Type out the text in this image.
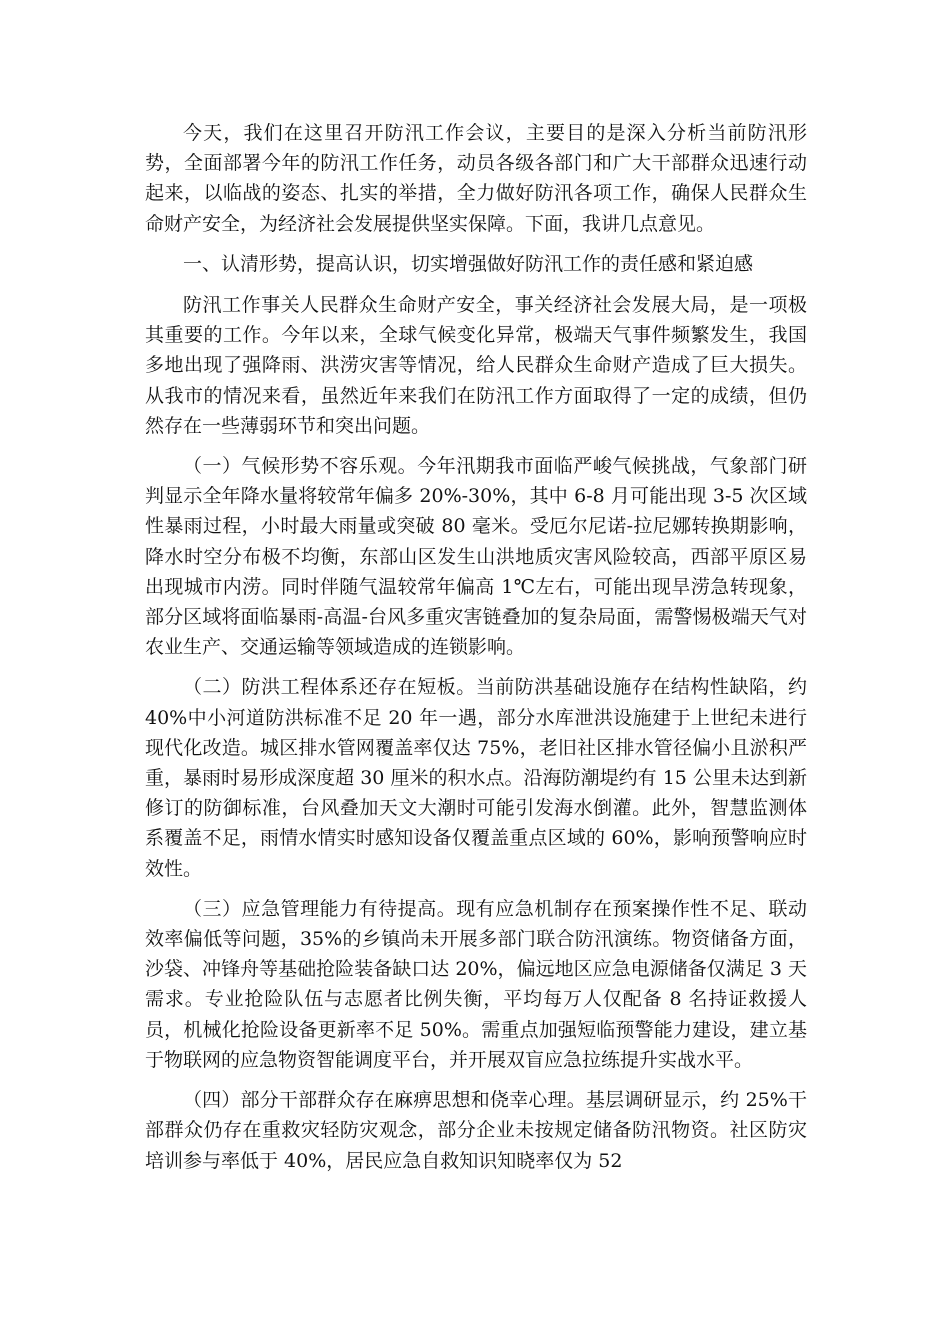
今天，我们在这里召开防汛工作会议，主要目的是深入分析当前防汛形势，全面部署今年的防汛工作任务，动员各级各部门和广大干部群众迅速行动起来，以临战的姿态、扎实的举措，全力做好防汛各项工作，确保人民群众生命财产安全，为经济社会发展提供坚实保障。下面，我讲几点意见。

一、认清形势，提高认识，切实增强做好防汛工作的责任感和紧迫感

防汛工作事关人民群众生命财产安全，事关经济社会发展大局，是一项极其重要的工作。今年以来，全球气候变化异常，极端天气事件频繁发生，我国多地出现了强降雨、洪涝灾害等情况，给人民群众生命财产造成了巨大损失。从我市的情况来看，虽然近年来我们在防汛工作方面取得了一定的成绩，但仍然存在一些薄弱环节和突出问题。

（一）气候形势不容乐观。今年汛期我市面临严峻气候挑战，气象部门研判显示全年降水量将较常年偏多 20%-30%，其中 6-8 月可能出现 3-5 次区域性暴雨过程，小时最大雨量或突破 80 毫米。受厄尔尼诺-拉尼娜转换期影响，降水时空分布极不均衡，东部山区发生山洪地质灾害风险较高，西部平原区易出现城市内涝。同时伴随气温较常年偏高 1℃左右，可能出现旱涝急转现象，部分区域将面临暴雨-高温-台风多重灾害链叠加的复杂局面，需警惕极端天气对农业生产、交通运输等领域造成的连锁影响。

（二）防洪工程体系还存在短板。当前防洪基础设施存在结构性缺陷，约 40%中小河道防洪标准不足 20 年一遇，部分水库泄洪设施建于上世纪未进行现代化改造。城区排水管网覆盖率仅达 75%，老旧社区排水管径偏小且淤积严重，暴雨时易形成深度超 30 厘米的积水点。沿海防潮堤约有 15 公里未达到新修订的防御标准，台风叠加天文大潮时可能引发海水倒灌。此外，智慧监测体系覆盖不足，雨情水情实时感知设备仅覆盖重点区域的 60%，影响预警响应时效性。

（三）应急管理能力有待提高。现有应急机制存在预案操作性不足、联动效率偏低等问题，35%的乡镇尚未开展多部门联合防汛演练。物资储备方面，沙袋、冲锋舟等基础抢险装备缺口达 20%，偏远地区应急电源储备仅满足 3 天需求。专业抢险队伍与志愿者比例失衡，平均每万人仅配备 8 名持证救援人员，机械化抢险设备更新率不足 50%。需重点加强短临预警能力建设，建立基于物联网的应急物资智能调度平台，并开展双盲应急拉练提升实战水平。

（四）部分干部群众存在麻痹思想和侥幸心理。基层调研显示，约 25%干部群众仍存在重救灾轻防灾观念，部分企业未按规定储备防汛物资。社区防灾培训参与率低于 40%，居民应急自救知识知晓率仅为 52
